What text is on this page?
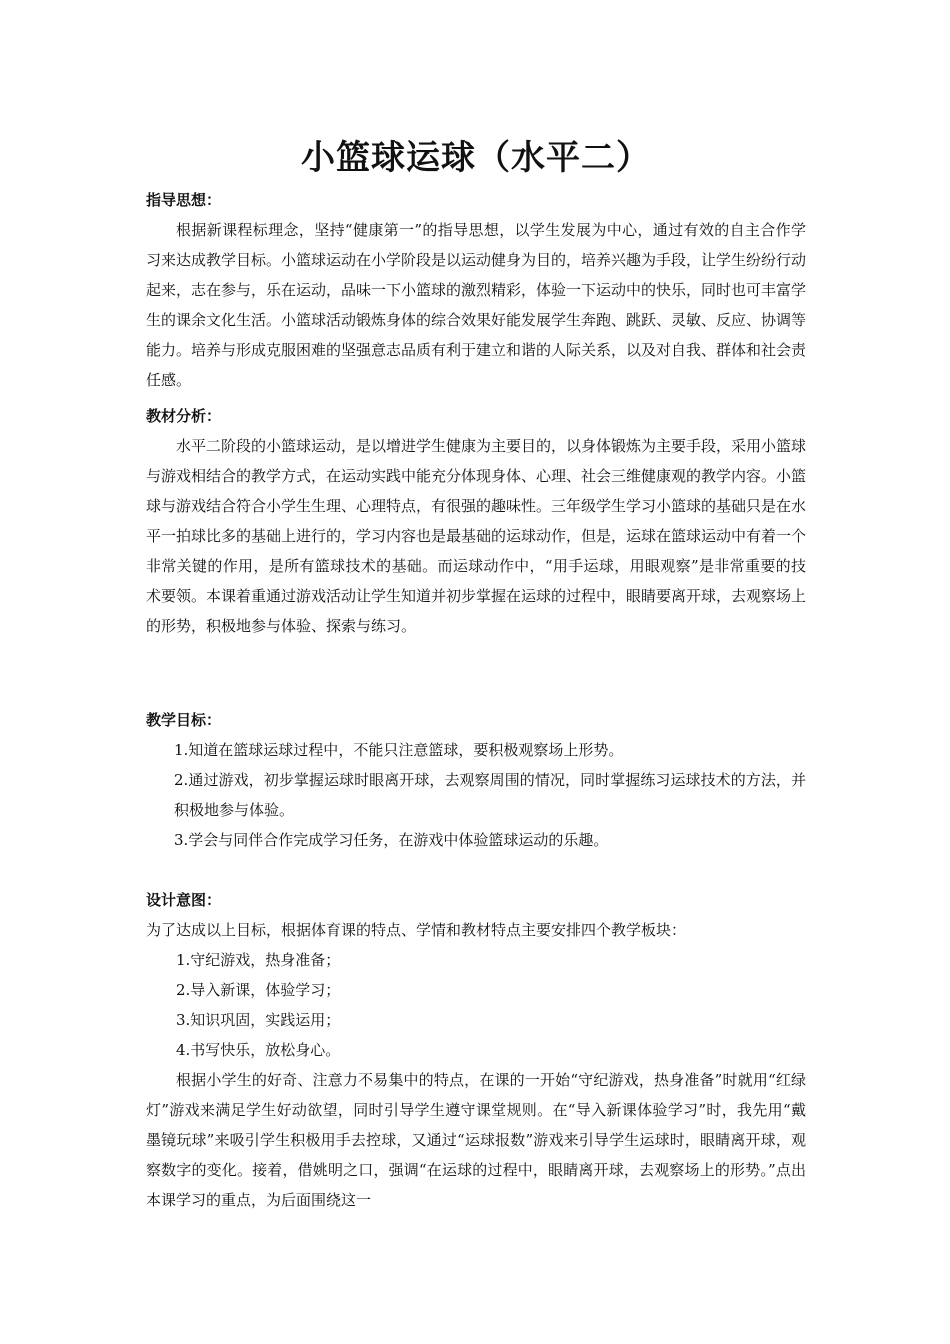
小篮球运球（水平二）
指导思想：
根据新课程标理念，坚持“健康第一”的指导思想，以学生发展为中心，通过有效的自主合作学习来达成教学目标。小篮球运动在小学阶段是以运动健身为目的，培养兴趣为手段，让学生纷纷行动起来，志在参与，乐在运动，品味一下小篮球的激烈精彩，体验一下运动中的快乐，同时也可丰富学生的课余文化生活。小篮球活动锻炼身体的综合效果好能发展学生奔跑、跳跃、灵敏、反应、协调等能力。培养与形成克服困难的坚强意志品质有利于建立和谐的人际关系，以及对自我、群体和社会责任感。
教材分析：
水平二阶段的小篮球运动，是以增进学生健康为主要目的，以身体锻炼为主要手段，采用小篮球与游戏相结合的教学方式，在运动实践中能充分体现身体、心理、社会三维健康观的教学内容。小篮球与游戏结合符合小学生生理、心理特点，有很强的趣味性。三年级学生学习小篮球的基础只是在水平一拍球比多的基础上进行的，学习内容也是最基础的运球动作，但是，运球在篮球运动中有着一个非常关键的作用，是所有篮球技术的基础。而运球动作中，“用手运球，用眼观察”是非常重要的技术要领。本课着重通过游戏活动让学生知道并初步掌握在运球的过程中，眼睛要离开球，去观察场上的形势，积极地参与体验、探索与练习。
教学目标：
1.知道在篮球运球过程中，不能只注意篮球，要积极观察场上形势。
2.通过游戏，初步掌握运球时眼离开球，去观察周围的情况，同时掌握练习运球技术的方法，并积极地参与体验。
3.学会与同伴合作完成学习任务，在游戏中体验篮球运动的乐趣。
设计意图：
为了达成以上目标，根据体育课的特点、学情和教材特点主要安排四个教学板块：
1.守纪游戏，热身准备；
2.导入新课，体验学习；
3.知识巩固，实践运用；
4.书写快乐，放松身心。
根据小学生的好奇、注意力不易集中的特点，在课的一开始“守纪游戏，热身准备”时就用“红绿灯”游戏来满足学生好动欲望，同时引导学生遵守课堂规则。在“导入新课体验学习”时，我先用“戴墨镜玩球”来吸引学生积极用手去控球，又通过“运球报数”游戏来引导学生运球时，眼睛离开球，观察数字的变化。接着，借姚明之口，强调“在运球的过程中，眼睛离开球，去观察场上的形势。”点出本课学习的重点，为后面围绕这一
